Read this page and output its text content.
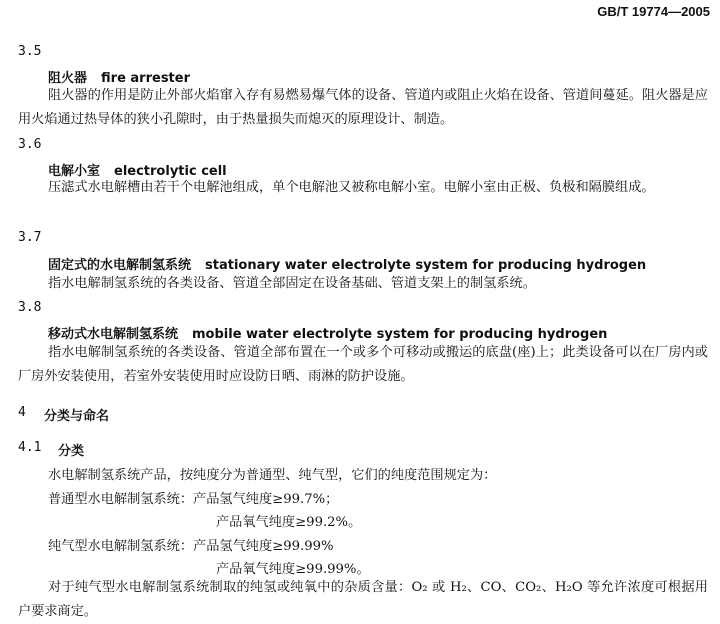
GB/T 19774—2005
3.5
阻火器 fire arrester
阻火器的作用是防止外部火焰窜入存有易燃易爆气体的设备、管道内或阻止火焰在设备、管道间蔓延。阻火器是应用火焰通过热导体的狭小孔隙时，由于热量损失而熄灭的原理设计、制造。
3.6
电解小室 electrolytic cell
压滤式水电解槽由若干个电解池组成，单个电解池又被称电解小室。电解小室由正极、负极和隔膜组成。
3.7
固定式的水电解制氢系统 stationary water electrolyte system for producing hydrogen
指水电解制氢系统的各类设备、管道全部固定在设备基础、管道支架上的制氢系统。
3.8
移动式水电解制氢系统 mobile water electrolyte system for producing hydrogen
指水电解制氢系统的各类设备、管道全部布置在一个或多个可移动或搬运的底盘(座)上；此类设备可以在厂房内或厂房外安装使用，若室外安装使用时应设防日晒、雨淋的防护设施。
4 分类与命名
4.1 分类
水电解制氢系统产品，按纯度分为普通型、纯气型，它们的纯度范围规定为：
普通型水电解制氢系统：产品氢气纯度≥99.7%；
产品氧气纯度≥99.2%。
纯气型水电解制氢系统：产品氢气纯度≥99.99%
产品氧气纯度≥99.99%。
对于纯气型水电解制氢系统制取的纯氢或纯氧中的杂质含量：O₂ 或 H₂、CO、CO₂、H₂O 等允许浓度可根据用户要求商定。
